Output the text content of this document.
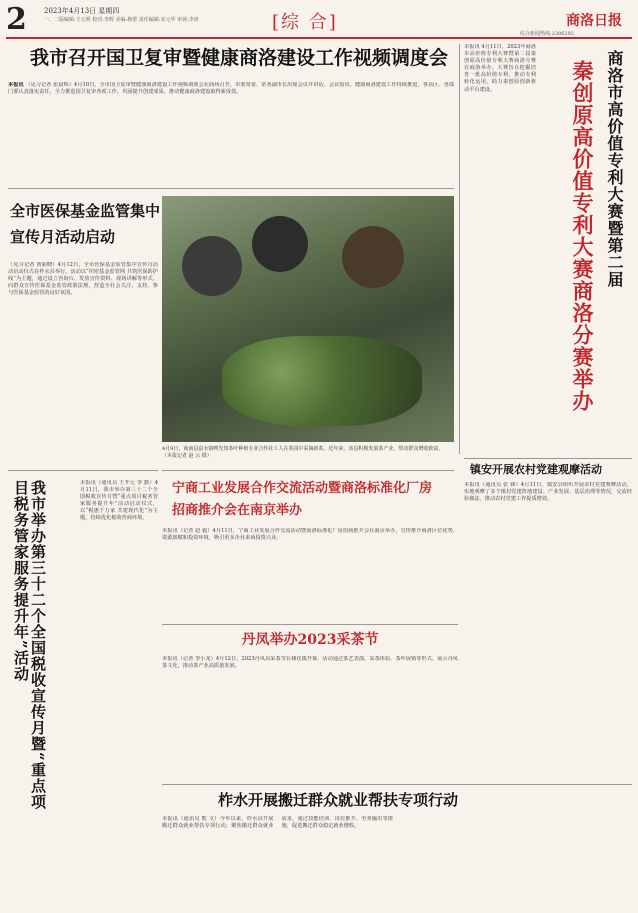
2 2023年4月13日 星期四
一、二版编辑:王元明 校对:李辉 美编:杨蕾 责任编辑:宋元华 审读:李涛	[综 合]	商洛日报
综合新闻热线:2386292
我市召开国卫复审暨健康商洛建设工作视频调度会
本报讯 （见习记者 张晨辉）4月10日，全市国卫复审暨健康商洛建设工作视频调度会在商州召开，市委常委、常务副市长出席会议并讲话。会议指出，健康商洛建设工作持续推进，各县区、各部门要认真落实责任，全力推进国卫复审各项工作，巩固提升创建成果，推动健康商洛建设取得新成效。
全市医保基金监管集中宣传月活动启动
（见习记者 黄丽晓）4月12日，全市医保基金监管集中宣传月活动启动仪式在柞水县举行。活动以“织密基金监管网 共筑医保防护线”为主题，通过设立咨询台、发放宣传资料、现场讲解等形式，向群众宣传医保基金监管政策法规，营造全社会关注、支持、参与医保基金监管的良好氛围。
4月9日，商南县富水镇鸭先知茶叶种植专业合作社工人在茶园中采摘新茶。近年来，该县积极发展茶产业，带动群众增收致富。 （本报记者 赵 云 摄）
本报讯 4月11日，2023年商洛市高价值专利大赛暨第二届秦创原高价值专利大赛商洛分赛在商洛举办。大赛旨在挖掘培育一批高价值专利，推动专利转化运用，助力秦创原创新驱动平台建设。	秦创原高价值专利大赛商洛分赛举办 商洛市高价值专利大赛暨第二届
镇安开展农村党建观摩活动
本报讯（通讯员 张 锋）4月11日，镇安县组织开展农村党建观摩活动，实地观摩了多个镇村党建阵地建设、产业发展、基层治理等情况，交流经验做法，推动农村党建工作提质增效。
宁商工业发展合作交流活动暨商洛标准化厂房招商推介会在南京举办
本报讯（记者 赵 毅）4月11日，宁商工业发展合作交流活动暨商洛标准化厂房招商推介会在南京举办，宣传推介商洛区位优势、资源禀赋和投资环境，吸引更多企业来商投资兴业。
我市举办第三十二个全国税收宣传月暨“重点项目税务管家服务提升年”活动	本报讯（通讯员 王开元 李 勤）4月11日，我市举办第三十二个全国税收宣传月暨“重点项目税务管家服务提升年”活动启动仪式，以“税惠千万家 共建现代化”为主题，持续优化税收营商环境。
丹凤举办2023采茶节
本报讯（记者 李小龙）4月12日，2023丹凤县采茶节在棣花镇开幕，活动通过茶艺表演、采茶体验、茶叶展销等形式，展示丹凤茶文化，推动茶产业高质量发展。
柞水开展搬迁群众就业帮扶专项行动
本报讯（通讯员 熊 文）今年以来，柞水县开展搬迁群众就业帮扶专项行动，聚焦搬迁群众就业需求，通过技能培训、岗位推介、劳务输出等措施，促进搬迁群众稳定就业增收。
